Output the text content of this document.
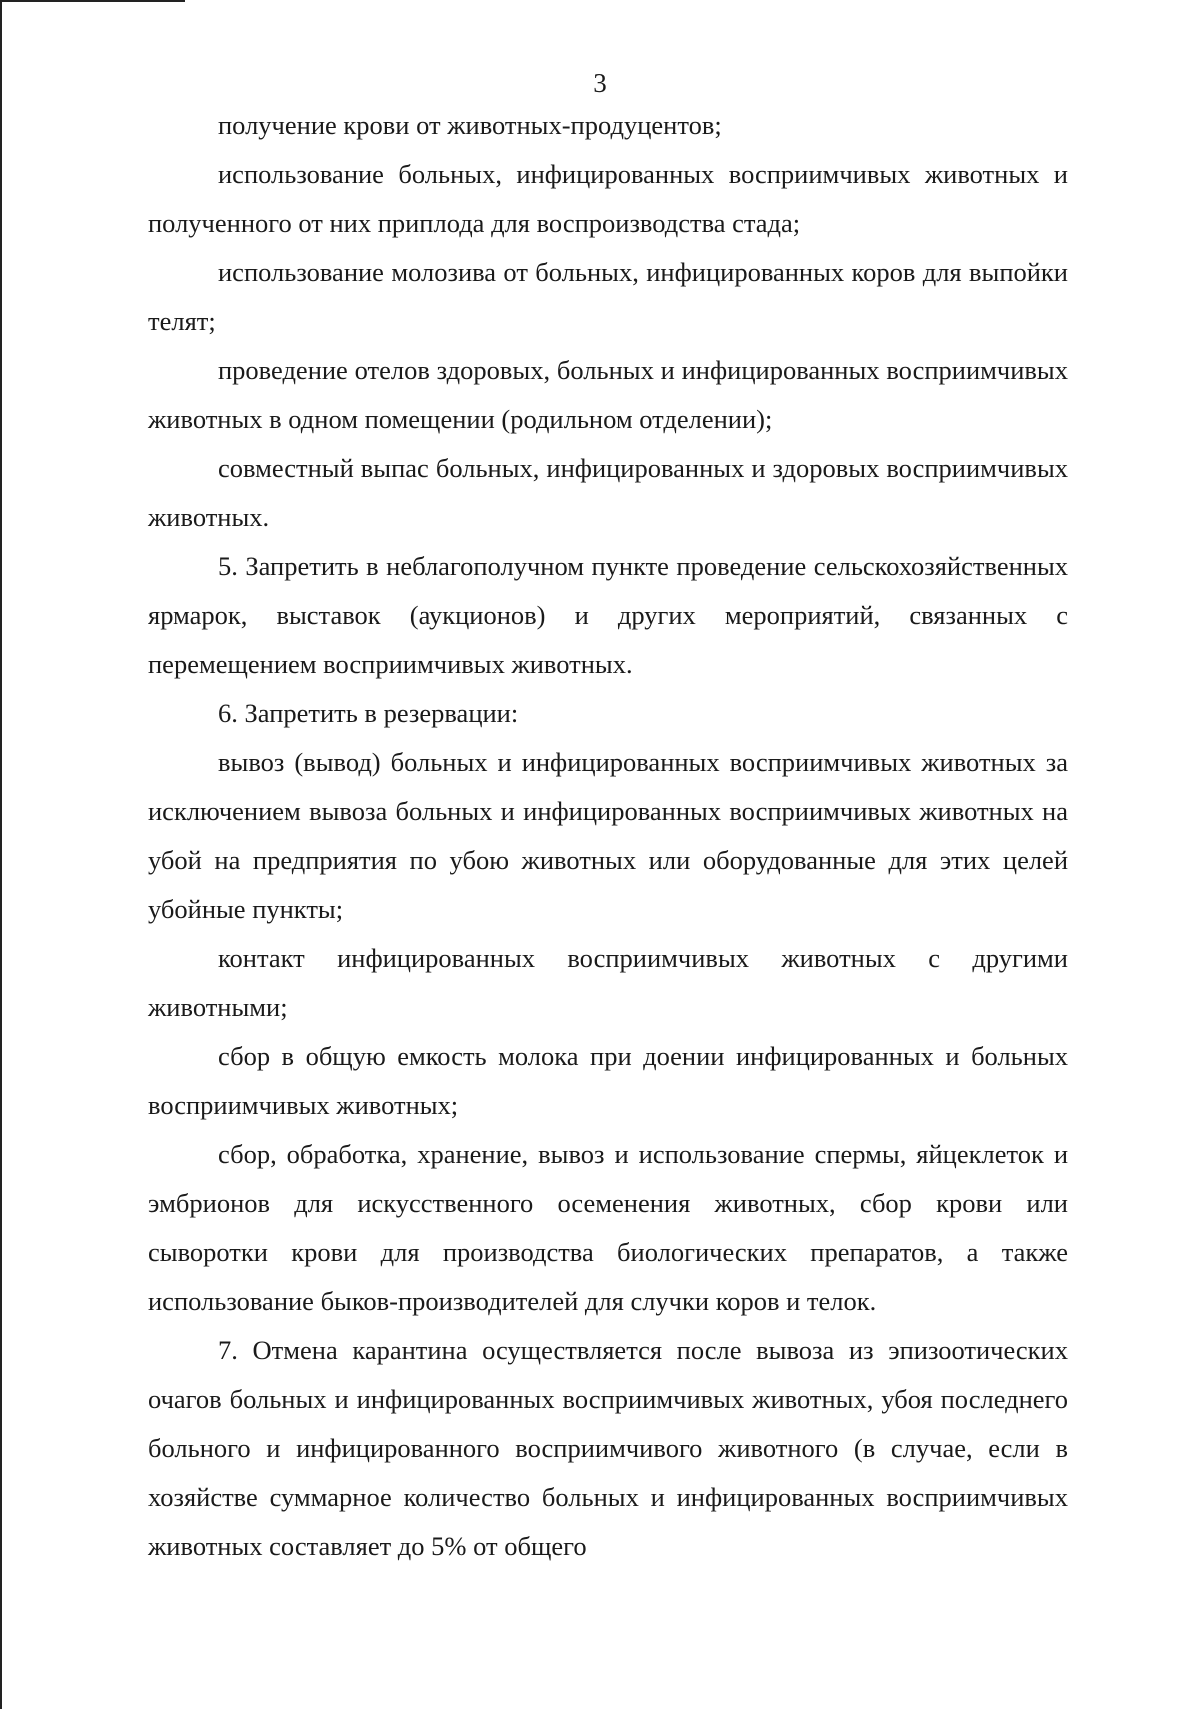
3

получение крови от животных-продуцентов;

использование больных, инфицированных восприимчивых животных и полученного от них приплода для воспроизводства стада;

использование молозива от больных, инфицированных коров для выпойки телят;

проведение отелов здоровых, больных и инфицированных восприимчивых животных в одном помещении (родильном отделении);

совместный выпас больных, инфицированных и здоровых восприимчивых животных.

5. Запретить в неблагополучном пункте проведение сельскохозяйственных ярмарок, выставок (аукционов) и других мероприятий, связанных с перемещением восприимчивых животных.

6. Запретить в резервации:

вывоз (вывод) больных и инфицированных восприимчивых животных за исключением вывоза больных и инфицированных восприимчивых животных на убой на предприятия по убою животных или оборудованные для этих целей убойные пункты;

контакт инфицированных восприимчивых животных с другими животными;

сбор в общую емкость молока при доении инфицированных и больных восприимчивых животных;

сбор, обработка, хранение, вывоз и использование спермы, яйцеклеток и эмбрионов для искусственного осеменения животных, сбор крови или сыворотки крови для производства биологических препаратов, а также использование быков-производителей для случки коров и телок.

7. Отмена карантина осуществляется после вывоза из эпизоотических очагов больных и инфицированных восприимчивых животных, убоя последнего больного и инфицированного восприимчивого животного (в случае, если в хозяйстве суммарное количество больных и инфицированных восприимчивых животных составляет до 5% от общего
